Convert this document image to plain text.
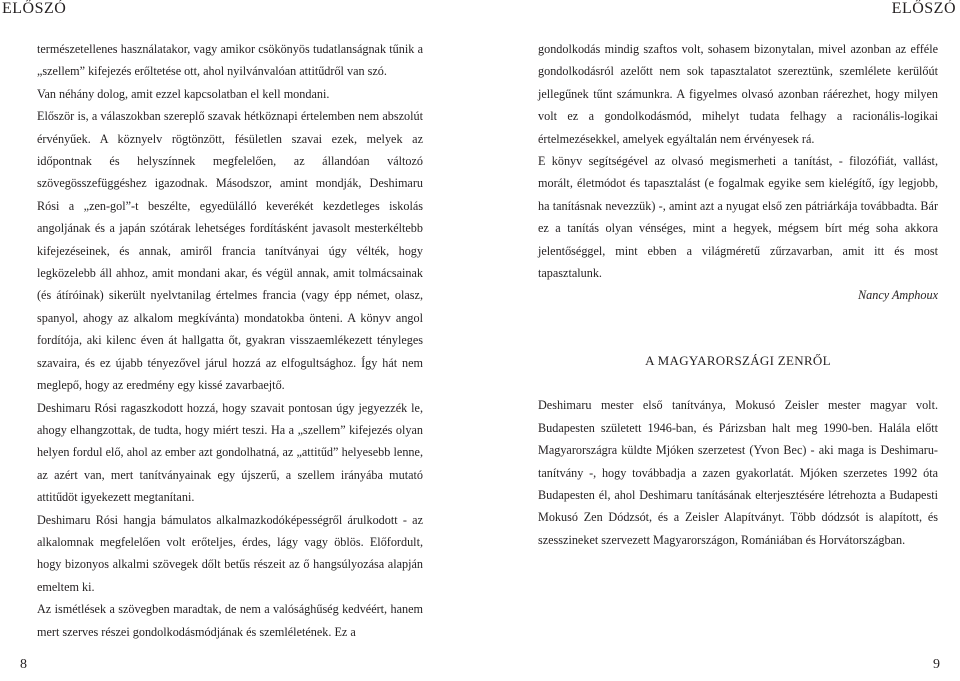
ELŐSZÓ	ELŐSZÓ

természetellenes használatakor, vagy amikor csökönyös tudatlanságnak tűnik a „szellem” kifejezés erőltetése ott, ahol nyilvánvalóan attitűdről van szó.

Van néhány dolog, amit ezzel kapcsolatban el kell mondani.

Először is, a válaszokban szereplő szavak hétköznapi értelemben nem abszolút érvényűek. A köznyelv rögtönzött, fésületlen szavai ezek, melyek az időpontnak és helyszínnek megfelelően, az állandóan változó szövegösszefüggéshez igazodnak. Másodszor, amint mondják, Deshimaru Rósi a „zen-gol”-t beszélte, egyedülálló keverékét kezdetleges iskolás angoljának és a japán szótárak lehetséges fordításként javasolt mesterkéltebb kifejezéseinek, és annak, amiről francia tanítványai úgy vélték, hogy legközelebb áll ahhoz, amit mondani akar, és végül annak, amit tolmácsainak (és átíróinak) sikerült nyelvtanilag értelmes francia (vagy épp német, olasz, spanyol, ahogy az alkalom megkívánta) mondatokba önteni. A könyv angol fordítója, aki kilenc éven át hallgatta őt, gyakran visszaemlékezett tényleges szavaira, és ez újabb tényezővel járul hozzá az elfogultsághoz. Így hát nem meglepő, hogy az eredmény egy kissé zavarbaejtő.

Deshimaru Rósi ragaszkodott hozzá, hogy szavait pontosan úgy jegyezzék le, ahogy elhangzottak, de tudta, hogy miért teszi. Ha a „szellem” kifejezés olyan helyen fordul elő, ahol az ember azt gondolhatná, az „attitűd” helyesebb lenne, az azért van, mert tanítványainak egy újszerű, a szellem irányába mutató attitűdöt igyekezett megtanítani.

Deshimaru Rósi hangja bámulatos alkalmazkodóképességről árulkodott - az alkalomnak megfelelően volt erőteljes, érdes, lágy vagy öblös. Előfordult, hogy bizonyos alkalmi szövegek dőlt betűs részeit az ő hangsúlyozása alapján emeltem ki.

Az ismétlések a szövegben maradtak, de nem a valósághűség kedvéért, hanem mert szerves részei gondolkodásmódjának és szemléletének. Ez a

8

gondolkodás mindig szaftos volt, sohasem bizonytalan, mivel azonban az efféle gondolkodásról azelőtt nem sok tapasztalatot szereztünk, szemlélete kerülőút jellegűnek tűnt számunkra. A figyelmes olvasó azonban ráérezhet, hogy milyen volt ez a gondolkodásmód, mihelyt tudata felhagy a racionális-logikai értelmezésekkel, amelyek egyáltalán nem érvényesek rá.

E könyv segítségével az olvasó megismerheti a tanítást, - filozófiát, vallást, morált, életmódot és tapasztalást (e fogalmak egyike sem kielégítő, így legjobb, ha tanításnak nevezzük) -, amint azt a nyugat első zen pátriárkája továbbadta. Bár ez a tanítás olyan vénséges, mint a hegyek, mégsem bírt még soha akkora jelentőséggel, mint ebben a világméretű zűrzavarban, amit itt és most tapasztalunk.

Nancy Amphoux

A MAGYARORSZÁGI ZENRŐL

Deshimaru mester első tanítványa, Mokusó Zeisler mester magyar volt. Budapesten született 1946-ban, és Párizsban halt meg 1990-ben. Halála előtt Magyarországra küldte Mjóken szerzetest (Yvon Bec) - aki maga is Deshimaru-tanítvány -, hogy továbbadja a zazen gyakorlatát. Mjóken szerzetes 1992 óta Budapesten él, ahol Deshimaru tanításának elterjesztésére létrehozta a Budapesti Mokusó Zen Dódzsót, és a Zeisler Alapítványt. Több dódzsót is alapított, és szesszineket szervezett Magyarországon, Romániában és Horvátországban.

9
